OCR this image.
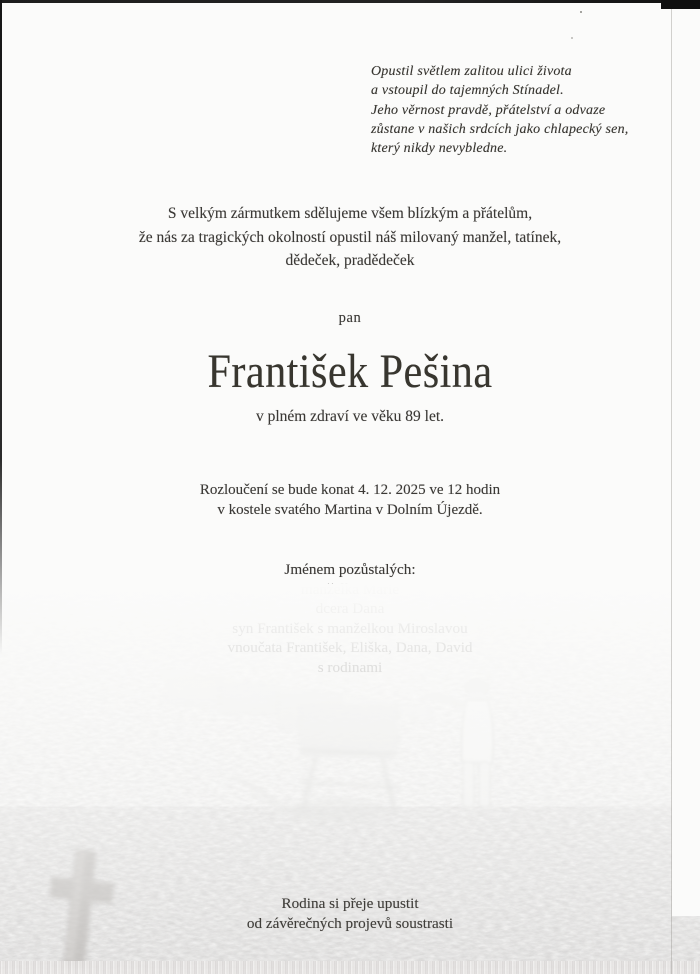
Opustil světlem zalitou ulici života
a vstoupil do tajemných Stínadel.
Jeho věrnost pravdě, přátelství a odvaze
zůstane v našich srdcích jako chlapecký sen,
který nikdy nevybledne.
S velkým zármutkem sdělujeme všem blízkým a přátelům,
že nás za tragických okolností opustil náš milovaný manžel, tatínek,
dědeček, pradědeček
pan
František Pešina
v plném zdraví ve věku 89 let.
Rozloučení se bude konat 4. 12. 2025 ve 12 hodin
v kostele svatého Martina v Dolním Újezdě.
Jménem pozůstalých:
Rodina si přeje upustit
od závěrečných projevů soustrasti
